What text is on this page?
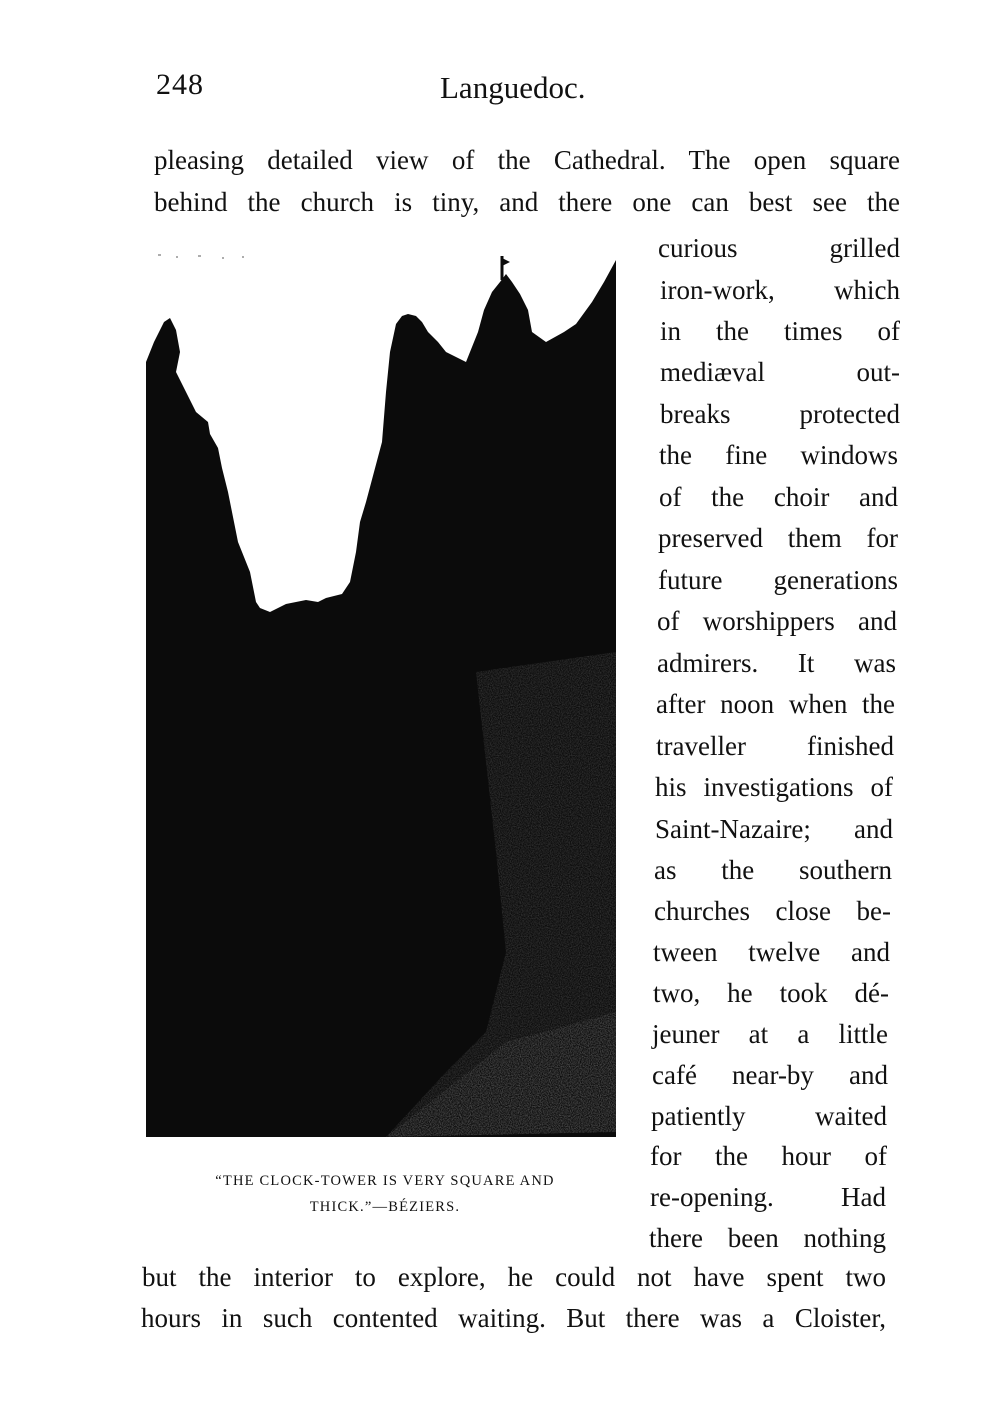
248	Languedoc.
pleasing detailed view of the Cathedral. The open square
behind the church is tiny, and there one can best see the
“THE CLOCK-TOWER IS VERY SQUARE AND
THICK.”—BÉZIERS.
curious grilled
iron-work, which
in the times of
mediæval out-
breaks protected
the fine windows
of the choir and
preserved them for
future generations
of worshippers and
admirers. It was
after noon when the
traveller finished
his investigations of
Saint-Nazaire; and
as the southern
churches close be-
tween twelve and
two, he took dé-
jeuner at a little
café near-by and
patiently waited
for the hour of
re-opening. Had
there been nothing
but the interior to explore, he could not have spent two
hours in such contented waiting. But there was a Cloister,
